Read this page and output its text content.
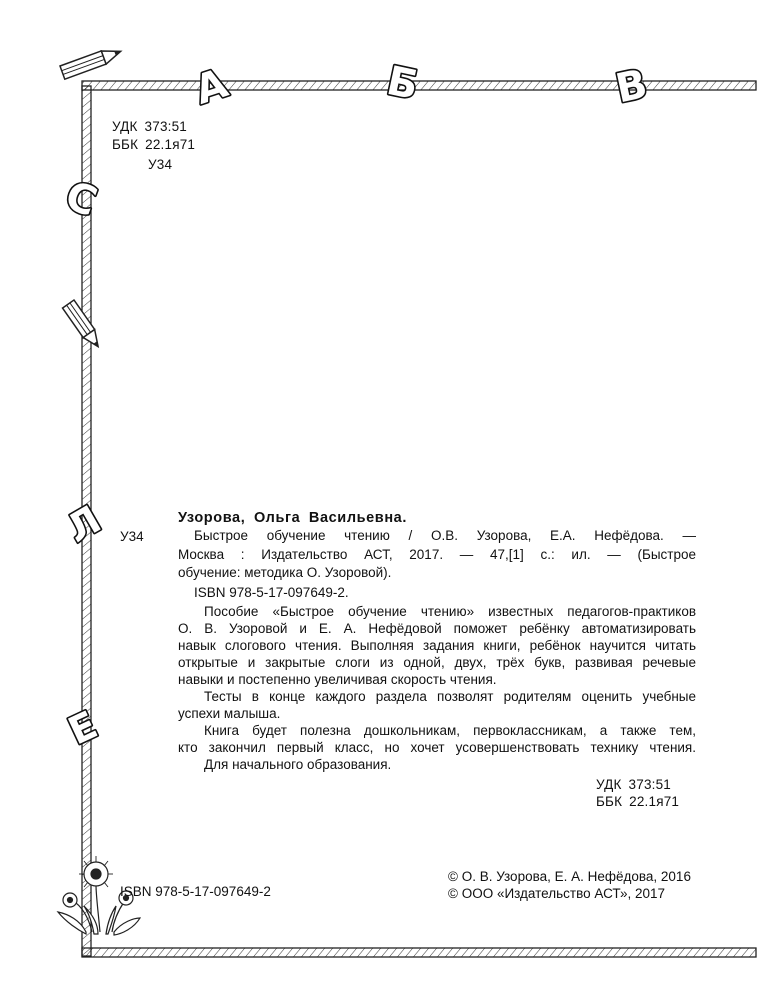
А	Б	В
С
Л
Е

УДК 373:51

ББК 22.1я71

У34

У34

Узорова, Ольга Васильевна.

Быстрое обучение чтению / О.В. Узорова, Е.А. Нефёдова. —

Москва : Издательство АСТ, 2017. — 47,[1] с.: ил. — (Быстрое

обучение: методика О. Узоровой).

ISBN 978-5-17-097649-2.

Пособие «Быстрое обучение чтению» известных педагогов-практиков

О. В. Узоровой и Е. А. Нефёдовой поможет ребёнку автоматизировать

навык слогового чтения. Выполняя задания книги, ребёнок научится читать

открытые и закрытые слоги из одной, двух, трёх букв, развивая речевые

навыки и постепенно увеличивая скорость чтения.

Тесты в конце каждого раздела позволят родителям оценить учебные

успехи малыша.

Книга будет полезна дошкольникам, первоклассникам, а также тем,

кто закончил первый класс, но хочет усовершенствовать технику чтения.

Для начального образования.

УДК 373:51

ББК 22.1я71

ISBN 978-5-17-097649-2

© О. В. Узорова, Е. А. Нефёдова, 2016

© ООО «Издательство АСТ», 2017
